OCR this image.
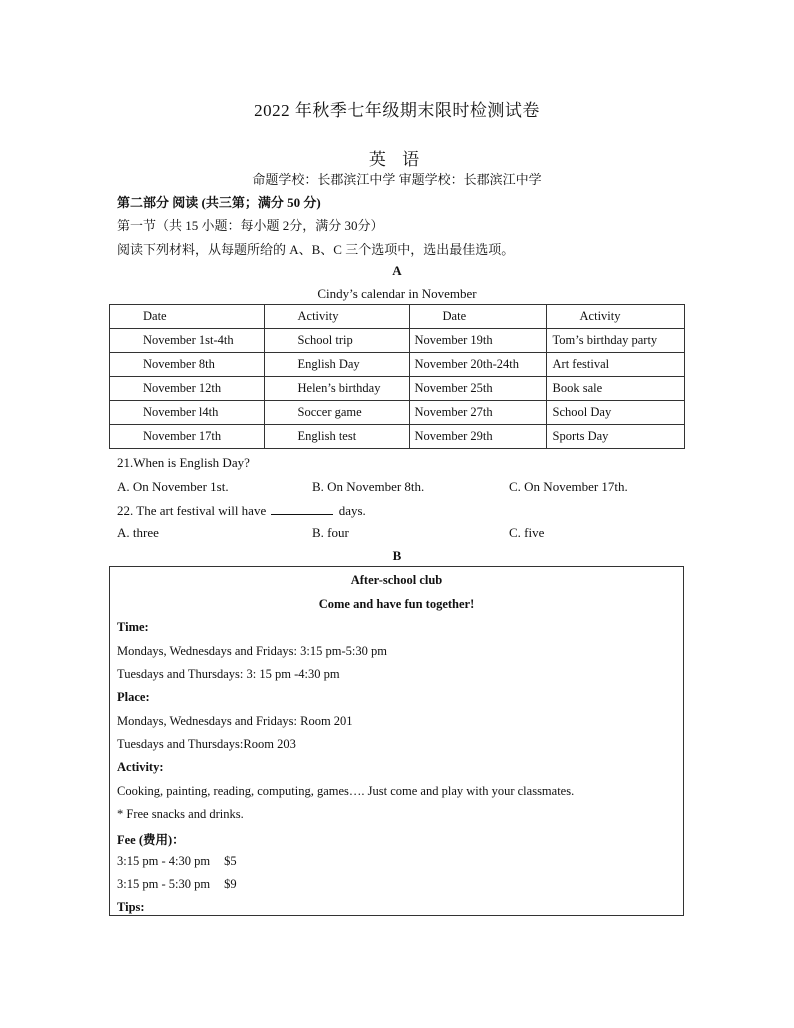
2022 年秋季七年级期末限时检测试卷
英 语
命题学校：长郡滨江中学 审题学校：长郡滨江中学
第二部分 阅读 (共三第；满分 50 分)
第一节（共 15 小题：每小题 2分，满分 30分）
阅读下列材料，从每题所给的 A、B、C 三个选项中，选出最佳选项。
A
Cindy’s calendar in November
Date	Activity	Date	Activity
November 1st-4th	School trip	November 19th	Tom’s birthday party
November 8th	English Day	November 20th-24th	Art festival
November 12th	Helen’s birthday	November 25th	Book sale
November l4th	Soccer game	November 27th	School Day
November 17th	English test	November 29th	Sports Day
21.When is English Day?
A. On November 1st.	B. On November 8th.	C. On November 17th.
22. The art festival will have	days.
A. three	B. four	C. five
B
After-school club
Come and have fun together!
Time:
Mondays, Wednesdays and Fridays: 3:15 pm-5:30 pm
Tuesdays and Thursdays: 3: 15 pm -4:30 pm
Place:
Mondays, Wednesdays and Fridays: Room 201
Tuesdays and Thursdays:Room 203
Activity:
Cooking, painting, reading, computing, games…. Just come and play with your classmates.
* Free snacks and drinks.
Fee (费用)：
3:15 pm - 4:30 pm $5
3:15 pm - 5:30 pm $9
Tips:
